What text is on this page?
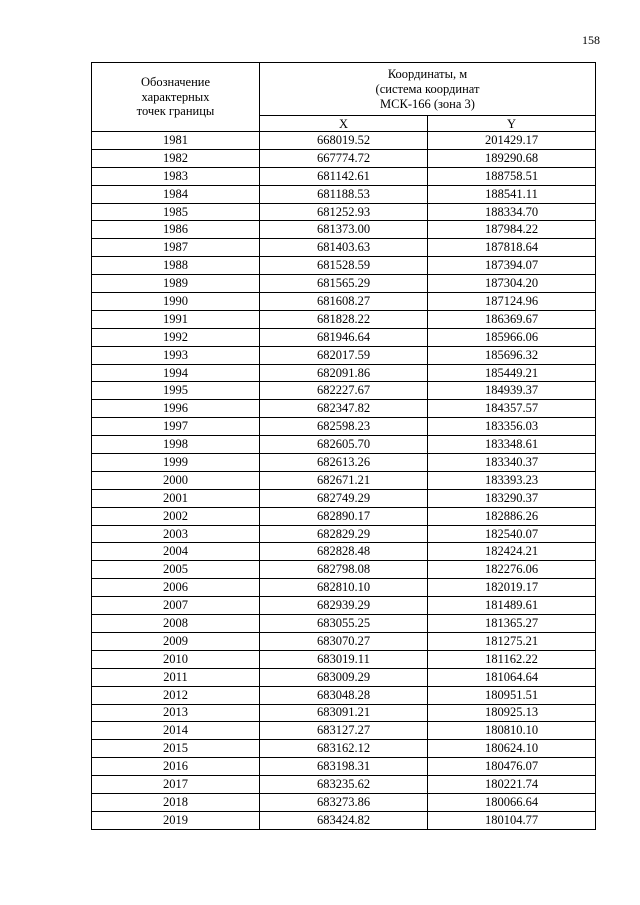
158
Обозначение
характерных
точек границы	Координаты, м
(система координат
МСК-166 (зона 3)	
	X	Y
1981	668019.52	201429.17
1982	667774.72	189290.68
1983	681142.61	188758.51
1984	681188.53	188541.11
1985	681252.93	188334.70
1986	681373.00	187984.22
1987	681403.63	187818.64
1988	681528.59	187394.07
1989	681565.29	187304.20
1990	681608.27	187124.96
1991	681828.22	186369.67
1992	681946.64	185966.06
1993	682017.59	185696.32
1994	682091.86	185449.21
1995	682227.67	184939.37
1996	682347.82	184357.57
1997	682598.23	183356.03
1998	682605.70	183348.61
1999	682613.26	183340.37
2000	682671.21	183393.23
2001	682749.29	183290.37
2002	682890.17	182886.26
2003	682829.29	182540.07
2004	682828.48	182424.21
2005	682798.08	182276.06
2006	682810.10	182019.17
2007	682939.29	181489.61
2008	683055.25	181365.27
2009	683070.27	181275.21
2010	683019.11	181162.22
2011	683009.29	181064.64
2012	683048.28	180951.51
2013	683091.21	180925.13
2014	683127.27	180810.10
2015	683162.12	180624.10
2016	683198.31	180476.07
2017	683235.62	180221.74
2018	683273.86	180066.64
2019	683424.82	180104.77
